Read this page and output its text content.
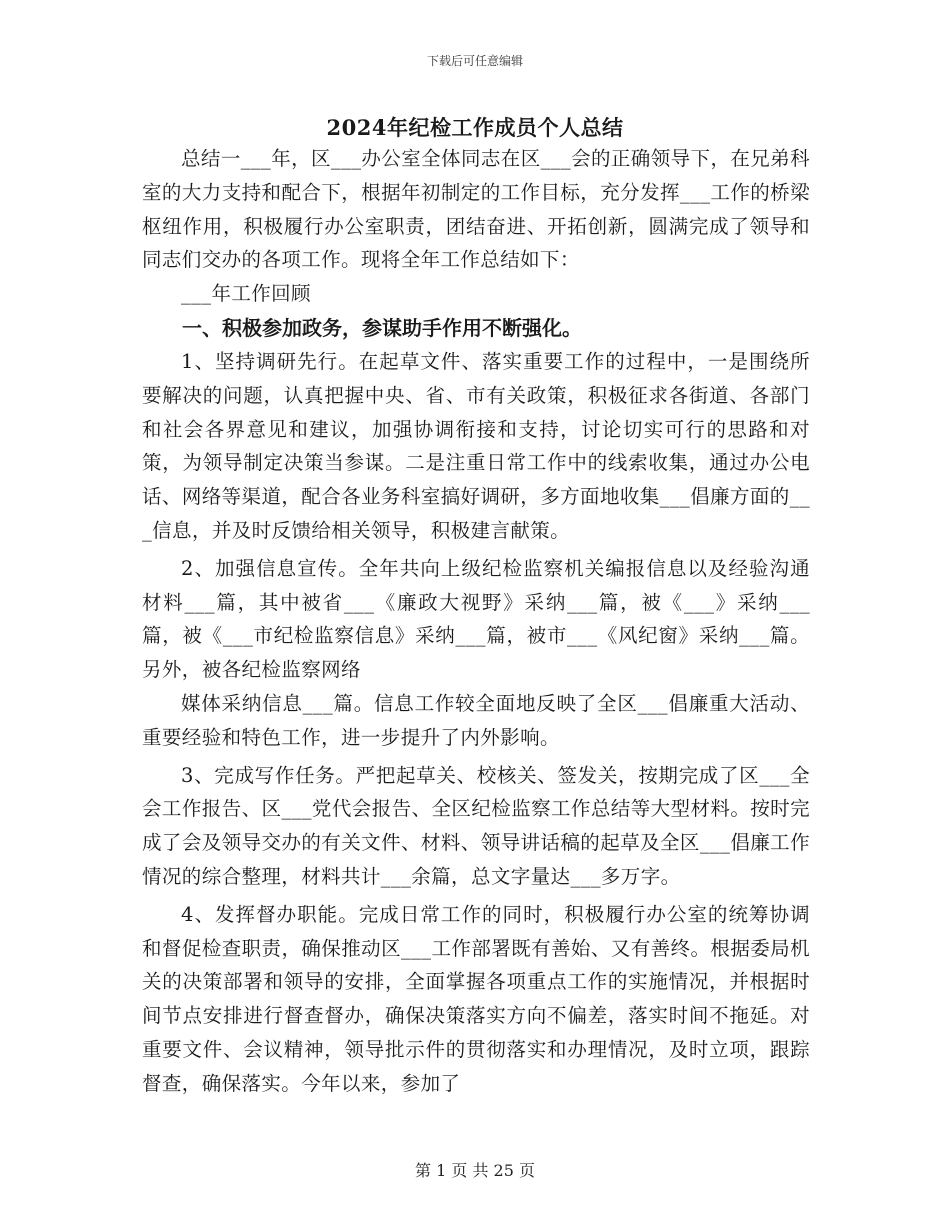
下载后可任意编辑
2024年纪检工作成员个人总结

总结一___年，区___办公室全体同志在区___会的正确领导下，在兄弟科室的大力支持和配合下，根据年初制定的工作目标，充分发挥___工作的桥梁枢纽作用，积极履行办公室职责，团结奋进、开拓创新，圆满完成了领导和同志们交办的各项工作。现将全年工作总结如下：

___年工作回顾

一、积极参加政务，参谋助手作用不断强化。

1、坚持调研先行。在起草文件、落实重要工作的过程中，一是围绕所要解决的问题，认真把握中央、省、市有关政策，积极征求各街道、各部门和社会各界意见和建议，加强协调衔接和支持，讨论切实可行的思路和对策，为领导制定决策当参谋。二是注重日常工作中的线索收集，通过办公电话、网络等渠道，配合各业务科室搞好调研，多方面地收集___倡廉方面的___信息，并及时反馈给相关领导，积极建言献策。

2、加强信息宣传。全年共向上级纪检监察机关编报信息以及经验沟通材料___篇，其中被省___《廉政大视野》采纳___篇，被《___》采纳___篇，被《___市纪检监察信息》采纳___篇，被市___《风纪窗》采纳___篇。另外，被各纪检监察网络

媒体采纳信息___篇。信息工作较全面地反映了全区___倡廉重大活动、重要经验和特色工作，进一步提升了内外影响。

3、完成写作任务。严把起草关、校核关、签发关，按期完成了区___全会工作报告、区___党代会报告、全区纪检监察工作总结等大型材料。按时完成了会及领导交办的有关文件、材料、领导讲话稿的起草及全区___倡廉工作情况的综合整理，材料共计___余篇，总文字量达___多万字。

4、发挥督办职能。完成日常工作的同时，积极履行办公室的统筹协调和督促检查职责，确保推动区___工作部署既有善始、又有善终。根据委局机关的决策部署和领导的安排，全面掌握各项重点工作的实施情况，并根据时间节点安排进行督查督办，确保决策落实方向不偏差，落实时间不拖延。对重要文件、会议精神，领导批示件的贯彻落实和办理情况，及时立项，跟踪督查，确保落实。今年以来，参加了

第 1 页 共 25 页
